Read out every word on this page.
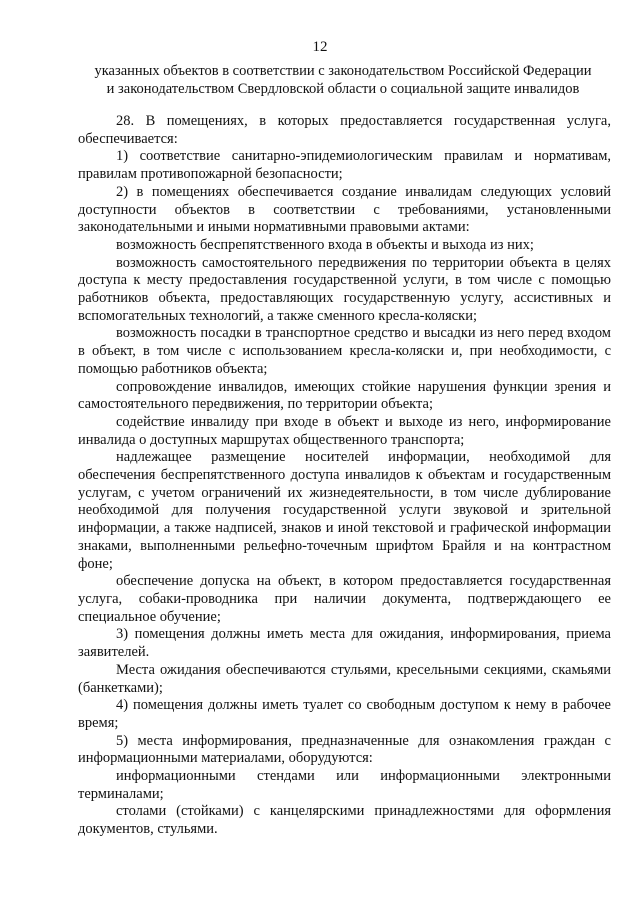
12
указанных объектов в соответствии с законодательством Российской Федерации
и законодательством Свердловской области о социальной защите инвалидов

28. В помещениях, в которых предоставляется государственная услуга, обеспечивается:

1) соответствие санитарно-эпидемиологическим правилам и нормативам, правилам противопожарной безопасности;

2) в помещениях обеспечивается создание инвалидам следующих условий доступности объектов в соответствии с требованиями, установленными законодательными и иными нормативными правовыми актами:

возможность беспрепятственного входа в объекты и выхода из них;

возможность самостоятельного передвижения по территории объекта в целях доступа к месту предоставления государственной услуги, в том числе с помощью работников объекта, предоставляющих государственную услугу, ассистивных и вспомогательных технологий, а также сменного кресла-коляски;

возможность посадки в транспортное средство и высадки из него перед входом в объект, в том числе с использованием кресла-коляски и, при необходимости, с помощью работников объекта;

сопровождение инвалидов, имеющих стойкие нарушения функции зрения и самостоятельного передвижения, по территории объекта;

содействие инвалиду при входе в объект и выходе из него, информирование инвалида о доступных маршрутах общественного транспорта;

надлежащее размещение носителей информации, необходимой для обеспечения беспрепятственного доступа инвалидов к объектам и государственным услугам, с учетом ограничений их жизнедеятельности, в том числе дублирование необходимой для получения государственной услуги звуковой и зрительной информации, а также надписей, знаков и иной текстовой и графической информации знаками, выполненными рельефно-точечным шрифтом Брайля и на контрастном фоне;

обеспечение допуска на объект, в котором предоставляется государственная услуга, собаки-проводника при наличии документа, подтверждающего ее специальное обучение;

3) помещения должны иметь места для ожидания, информирования, приема заявителей.

Места ожидания обеспечиваются стульями, кресельными секциями, скамьями (банкетками);

4) помещения должны иметь туалет со свободным доступом к нему в рабочее время;

5) места информирования, предназначенные для ознакомления граждан с информационными материалами, оборудуются:

информационными стендами или информационными электронными терминалами;

столами (стойками) с канцелярскими принадлежностями для оформления документов, стульями.
